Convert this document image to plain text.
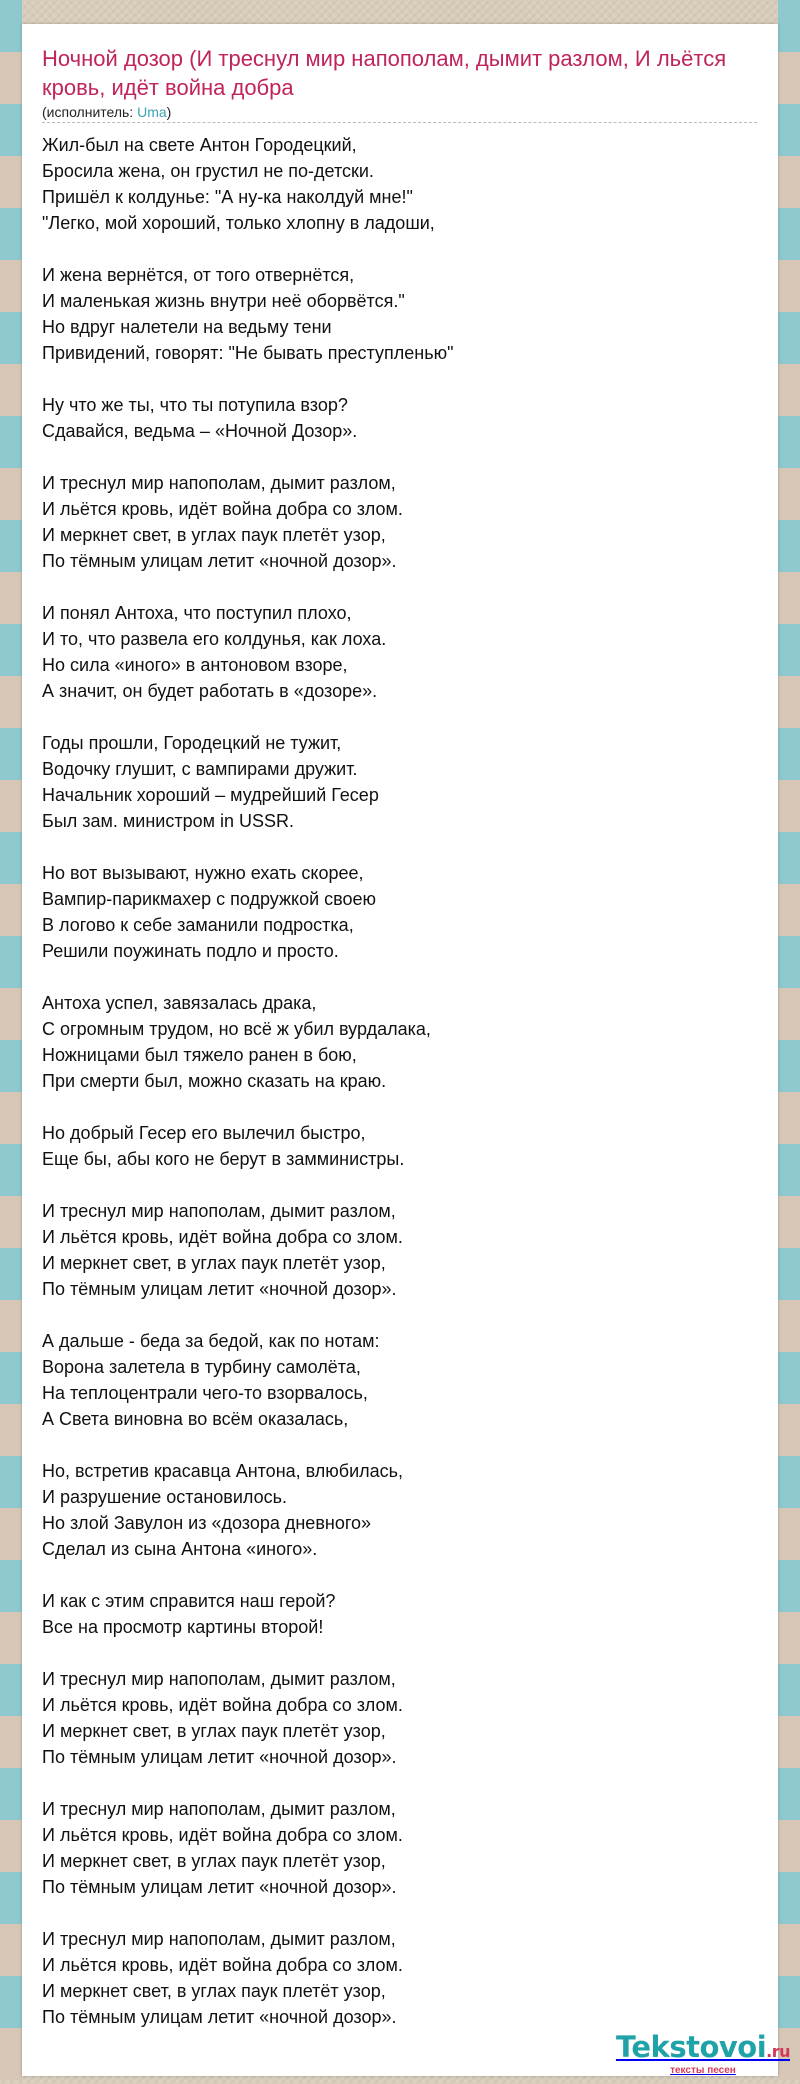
Ночной дозор (И треснул мир напополам, дымит разлом, И льётся кровь, идёт война добра
(исполнитель: Uma)
Жил-был на свете Антон Городецкий,
Бросила жена, он грустил не по-детски.
Пришёл к колдунье: "А ну-ка наколдуй мне!"
"Легко, мой хороший, только хлопну в ладоши,
И жена вернётся, от того отвернётся,
И маленькая жизнь внутри неё оборвётся."
Но вдруг налетели на ведьму тени
Привидений, говорят: "Не бывать преступленью"
Ну что же ты, что ты потупила взор?
Сдавайся, ведьма – «Ночной Дозор».
И треснул мир напополам, дымит разлом,
И льётся кровь, идёт война добра со злом.
И меркнет свет, в углах паук плетёт узор,
По тёмным улицам летит «ночной дозор».
И понял Антоха, что поступил плохо,
И то, что развела его колдунья, как лоха.
Но сила «иного» в антоновом взоре,
А значит, он будет работать в «дозоре».
Годы прошли, Городецкий не тужит,
Водочку глушит, с вампирами дружит.
Начальник хороший – мудрейший Гесер
Был зам. министром in USSR.
Но вот вызывают, нужно ехать скорее,
Вампир-парикмахер с подружкой своею
В логово к себе заманили подростка,
Решили поужинать подло и просто.
Антоха успел, завязалась драка,
С огромным трудом, но всё ж убил вурдалака,
Ножницами был тяжело ранен в бою,
При смерти был, можно сказать на краю.
Но добрый Гесер его вылечил быстро,
Еще бы, абы кого не берут в замминистры.
И треснул мир напополам, дымит разлом,
И льётся кровь, идёт война добра со злом.
И меркнет свет, в углах паук плетёт узор,
По тёмным улицам летит «ночной дозор».
А дальше - беда за бедой, как по нотам:
Ворона залетела в турбину самолёта,
На теплоцентрали чего-то взорвалось,
А Света виновна во всём оказалась,
Но, встретив красавца Антона, влюбилась,
И разрушение остановилось.
Но злой Завулон из «дозора дневного»
Сделал из сына Антона «иного».
И как с этим справится наш герой?
Все на просмотр картины второй!
И треснул мир напополам, дымит разлом,
И льётся кровь, идёт война добра со злом.
И меркнет свет, в углах паук плетёт узор,
По тёмным улицам летит «ночной дозор».
И треснул мир напополам, дымит разлом,
И льётся кровь, идёт война добра со злом.
И меркнет свет, в углах паук плетёт узор,
По тёмным улицам летит «ночной дозор».
И треснул мир напополам, дымит разлом,
И льётся кровь, идёт война добра со злом.
И меркнет свет, в углах паук плетёт узор,
По тёмным улицам летит «ночной дозор».
Tekstovoi.ru
тексты песен
